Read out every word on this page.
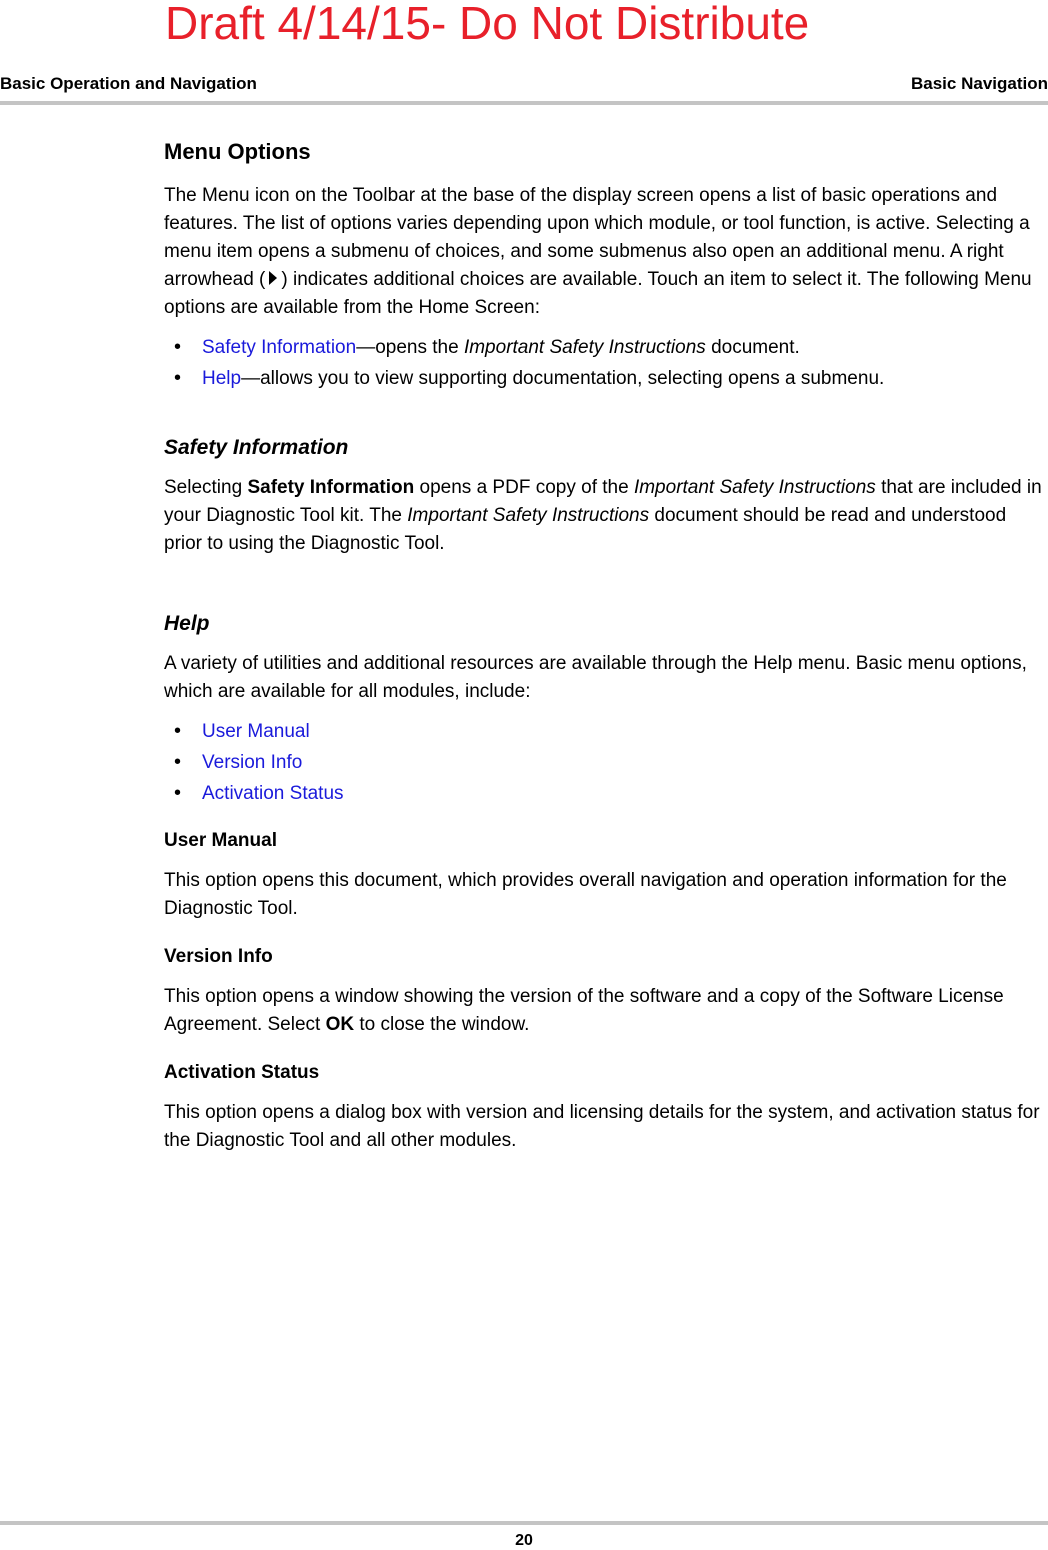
Draft 4/14/15- Do Not Distribute
Basic Operation and Navigation	Basic Navigation
Menu Options

The Menu icon on the Toolbar at the base of the display screen opens a list of basic operations and features. The list of options varies depending upon which module, or tool function, is active. Selecting a menu item opens a submenu of choices, and some submenus also open an additional menu. A right arrowhead ( ) indicates additional choices are available. Touch an item to select it. The following Menu options are available from the Home Screen:

• Safety Information—opens the Important Safety Instructions document.
• Help—allows you to view supporting documentation, selecting opens a submenu.
Safety Information

Selecting Safety Information opens a PDF copy of the Important Safety Instructions that are included in your Diagnostic Tool kit. The Important Safety Instructions document should be read and understood prior to using the Diagnostic Tool.

Help

A variety of utilities and additional resources are available through the Help menu. Basic menu options, which are available for all modules, include:

• User Manual
• Version Info
• Activation Status
User Manual

This option opens this document, which provides overall navigation and operation information for the Diagnostic Tool.

Version Info

This option opens a window showing the version of the software and a copy of the Software License Agreement. Select OK to close the window.

Activation Status

This option opens a dialog box with version and licensing details for the system, and activation status for the Diagnostic Tool and all other modules.

20
